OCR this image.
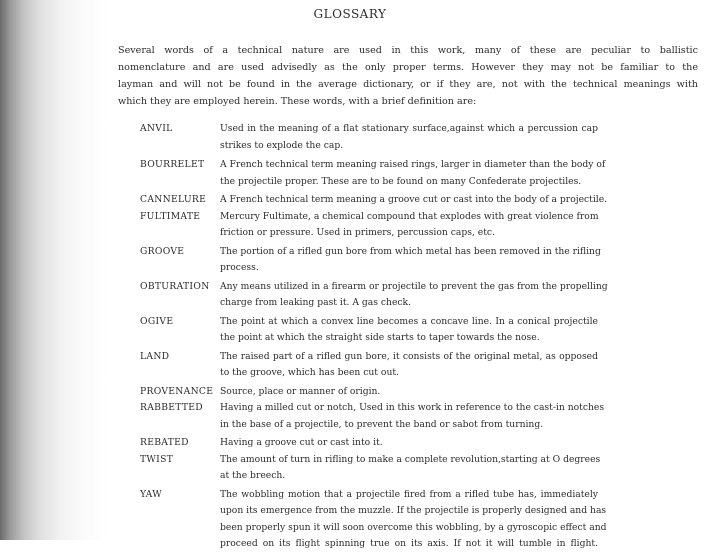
GLOSSARY
Several words of a technical nature are used in this work, many of these are peculiar to ballistic
nomenclature and are used advisedly as the only proper terms. However they may not be familiar to the
layman and will not be found in the average dictionary, or if they are, not with the technical meanings with
which they are employed herein. These words, with a brief definition are:
ANVIL	Used in the meaning of a flat stationary surface,against which a percussion cap
strikes to explode the cap.
BOURRELET	A French technical term meaning raised rings, larger in diameter than the body of
the projectile proper. These are to be found on many Confederate projectiles.
CANNELURE	A French technical term meaning a groove cut or cast into the body of a projectile.
FULTIMATE	Mercury Fultimate, a chemical compound that explodes with great violence from
friction or pressure. Used in primers, percussion caps, etc.
GROOVE	The portion of a rifled gun bore from which metal has been removed in the rifling
process.
OBTURATION	Any means utilized in a firearm or projectile to prevent the gas from the propelling
charge from leaking past it. A gas check.
OGIVE	The point at which a convex line becomes a concave line. In a conical projectile
the point at which the straight side starts to taper towards the nose.
LAND	The raised part of a rifled gun bore, it consists of the original metal, as opposed
to the groove, which has been cut out.
PROVENANCE Source, place or manner of origin.
RABBETTED	Having a milled cut or notch, Used in this work in reference to the cast-in notches
in the base of a projectile, to prevent the band or sabot from turning.
REBATED	Having a groove cut or cast into it.
TWIST	The amount of turn in rifling to make a complete revolution,starting at O degrees
at the breech.
YAW	The wobbling motion that a projectile fired from a rifled tube has, immediately
upon its emergence from the muzzle. If the projectile is properly designed and has
been properly spun it will soon overcome this wobbling, by a gyroscopic effect and
proceed on its flight spinning true on its axis. If not it will tumble in flight.
